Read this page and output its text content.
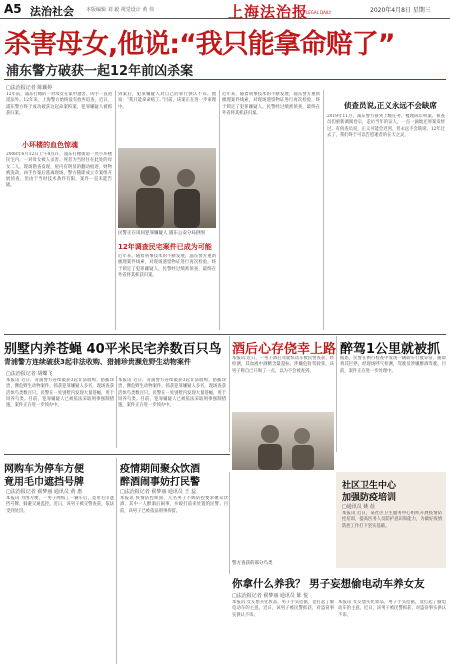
A5 法治社会 本版编辑 刘 毅 视觉设计 黄 伟	上海法治报
LEGAL DAILY	2020年4月8日 星期三
杀害母女,他说:“我只能拿命赔了”
浦东警方破获一起12年前凶杀案
□法治报记者 陈颖婷
12年前，浦东打赌的一对母女在家中遭害，凶手一直逍遥法外。12年来，上海警方始终没有放弃追查，近日，浦东警方终于成功破获这起命案积案，犯罪嫌疑人被抓获归案。
小环楼的血色惊魂
2008年6月12日上午8点许，浦东打赌街道一处小环楼民宅内，一对母女被人杀害。死者为当时住在此处的母女二人。现场勘查发现，屋内有明显的翻动痕迹，财物被洗劫，凶手作案后逃离现场。警方随即成立专案组开展侦查，但由于当时技术条件有限，案件一直未能告破。
到案后，犯罪嫌疑人对自己的罪行供认不讳。他说：“我只能拿命赔了。”目前，该案正在进一步审理中。
民警正在讯问犯罪嫌疑人 浦东公安分局供图
12年调查民宅案件已成为可能
近年来，随着刑事技术的不断发展，浦东警方重新梳理案件线索，对现场遗留物证进行再次检验，终于锁定了犯罪嫌疑人。民警经过缜密侦查，最终在外省将其抓获归案。
近年来，随着刑事技术的不断发展，浦东警方重新梳理案件线索，对现场遗留物证进行再次检验，终于锁定了犯罪嫌疑人。民警经过缜密侦查，最终在外省将其抓获归案。
侦查员说,正义永远不会缺席
2019年11月，浦东警方接到上级任务，梳理陈年积案。侦查员们重新调阅卷宗，走访当年的证人，一点一滴地还原案发经过。有侦查员说，正义可能会迟到，但永远不会缺席。12年过去了，我们终于可以告慰逝者的在天之灵。
别墅内养苍蝇 40平米民宅养数百只鸟
青浦警方连续破获3起非法收购、猎捕珍贵濒危野生动物案件
□法治报记者 胡蝶飞
本报讯 近日，青浦警方连续破获3起非法收购、猎捕珍贵、濒危野生动物案件，抓获犯罪嫌疑人多名，现场查获活体鸟类数百只。民警在一处别墅内发现大量苍蝇，用于饲养鸟类。目前，犯罪嫌疑人已被依法采取刑事强制措施，案件正在进一步侦办中。
本报讯 近日，青浦警方连续破获3起非法收购、猎捕珍贵、濒危野生动物案件，抓获犯罪嫌疑人多名，现场查获活体鸟类数百只。民警在一处别墅内发现大量苍蝇，用于饲养鸟类。目前，犯罪嫌疑人已被依法采取刑事强制措施，案件正在进一步侦办中。
酒后心存侥幸上路
本报讯 近日，一男子酒后驾驶机动车被民警查获，经检测，其血液中酒精含量超标，涉嫌危险驾驶罪。该男子称自己只喝了一点，以为不会被查到。
醉驾1公里就被抓
据悉，民警在例行检查中发现一辆轿车行驶异常，随即将其拦停。经现场呼气检测，驾驶员涉嫌醉酒驾驶。目前，案件正在进一步处理中。
网购车为停车方便
竟用毛巾遮挡号牌
□法治报记者 翟梦丽 通讯员 黄 惠
本报讯 为图方便，一男子网购了一辆车后，竟用毛巾遮挡号牌，躲避交通监控。近日，该男子被交警查获，依法受到处罚。
疫情期间聚众饮酒
醉酒闹事妨打民警
□法治报记者 翟梦丽 通讯员 王 蕊
本报讯 疫情防控期间，几名男子不顾防控要求聚众饮酒，其中一人醉酒后闹事，并殴打前来处置的民警。目前，该男子已被依法刑事拘留。
社区卫生中心
加强防疫培训
□通讯员 姚 蓓
本报讯 近日，某社区卫生服务中心组织开展疫情防控培训，提高医务人员防护意识和能力，为做好疫情防控工作打下坚实基础。
你拿什么养我？ 男子妄想偷电动车养女友
□法治报记者 翟梦丽 通讯员 陈 悦
本报讯 女友想买化妆品，男子手头拮据，竟打起了偷电动车的主意。近日，该男子被民警抓获，对盗窃事实供认不讳。
本报讯 女友想买化妆品，男子手头拮据，竟打起了偷电动车的主意。近日，该男子被民警抓获，对盗窃事实供认不讳。
警方查获的部分鸟类
